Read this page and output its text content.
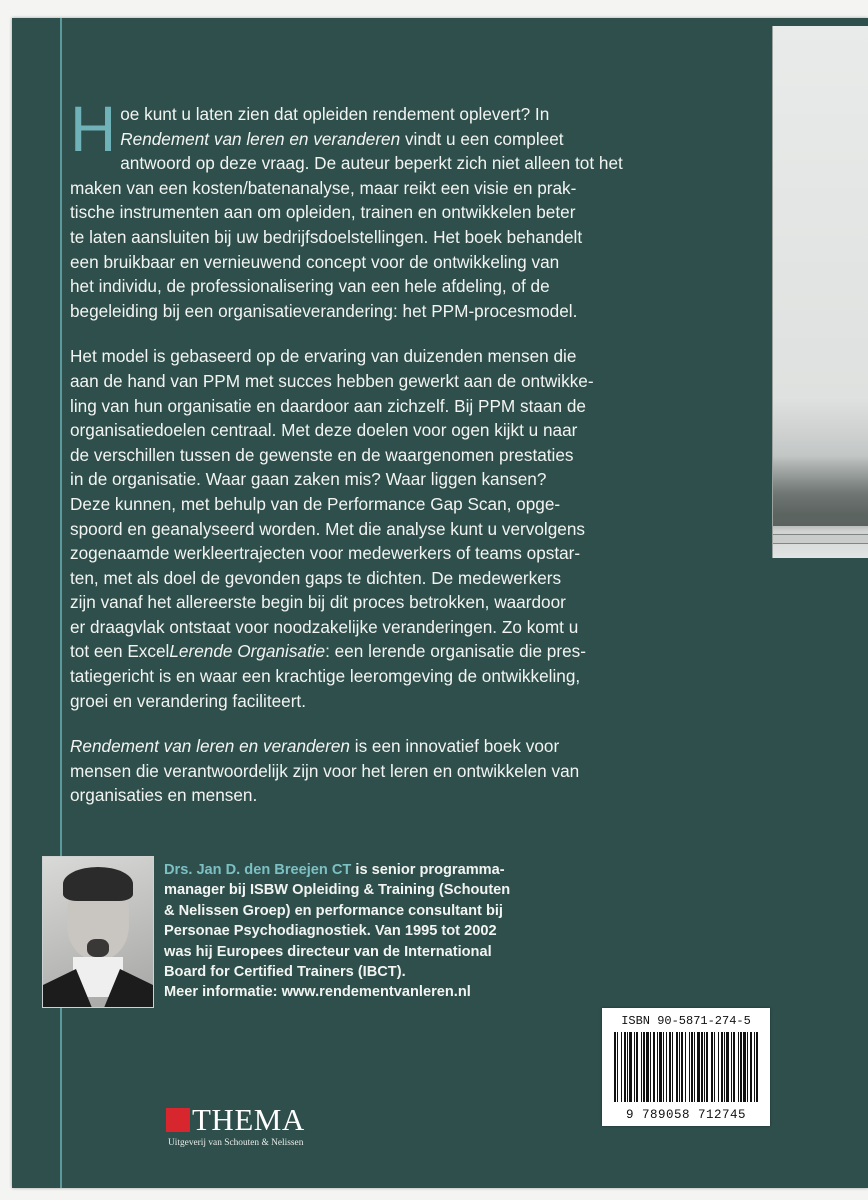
H oe kunt u laten zien dat opleiden rendement oplevert? In
Rendement van leren en veranderen vindt u een compleet
antwoord op deze vraag. De auteur beperkt zich niet alleen tot het
maken van een kosten/batenanalyse, maar reikt een visie en prak-
tische instrumenten aan om opleiden, trainen en ontwikkelen beter
te laten aansluiten bij uw bedrijfsdoelstellingen. Het boek behandelt
een bruikbaar en vernieuwend concept voor de ontwikkeling van
het individu, de professionalisering van een hele afdeling, of de
begeleiding bij een organisatieverandering: het PPM-procesmodel.

Het model is gebaseerd op de ervaring van duizenden mensen die
aan de hand van PPM met succes hebben gewerkt aan de ontwikke-
ling van hun organisatie en daardoor aan zichzelf. Bij PPM staan de
organisatiedoelen centraal. Met deze doelen voor ogen kijkt u naar
de verschillen tussen de gewenste en de waargenomen prestaties
in de organisatie. Waar gaan zaken mis? Waar liggen kansen?
Deze kunnen, met behulp van de Performance Gap Scan, opge-
spoord en geanalyseerd worden. Met die analyse kunt u vervolgens
zogenaamde werkleertrajecten voor medewerkers of teams opstar-
ten, met als doel de gevonden gaps te dichten. De medewerkers
zijn vanaf het allereerste begin bij dit proces betrokken, waardoor
er draagvlak ontstaat voor noodzakelijke veranderingen. Zo komt u
tot een ExcelLerende Organisatie: een lerende organisatie die pres-
tatiegericht is en waar een krachtige leeromgeving de ontwikkeling,
groei en verandering faciliteert.

Rendement van leren en veranderen is een innovatief boek voor
mensen die verantwoordelijk zijn voor het leren en ontwikkelen van
organisaties en mensen.

Drs. Jan D. den Breejen CT is senior programma-
manager bij ISBW Opleiding & Training (Schouten
& Nelissen Groep) en performance consultant bij
Personae Psychodiagnostiek. Van 1995 tot 2002
was hij Europees directeur van de International
Board for Certified Trainers (IBCT).
Meer informatie: www.rendementvanleren.nl
ISBN 90-5871-274-5
9 789058 712745
THEMA
Uitgeverij van Schouten & Nelissen
